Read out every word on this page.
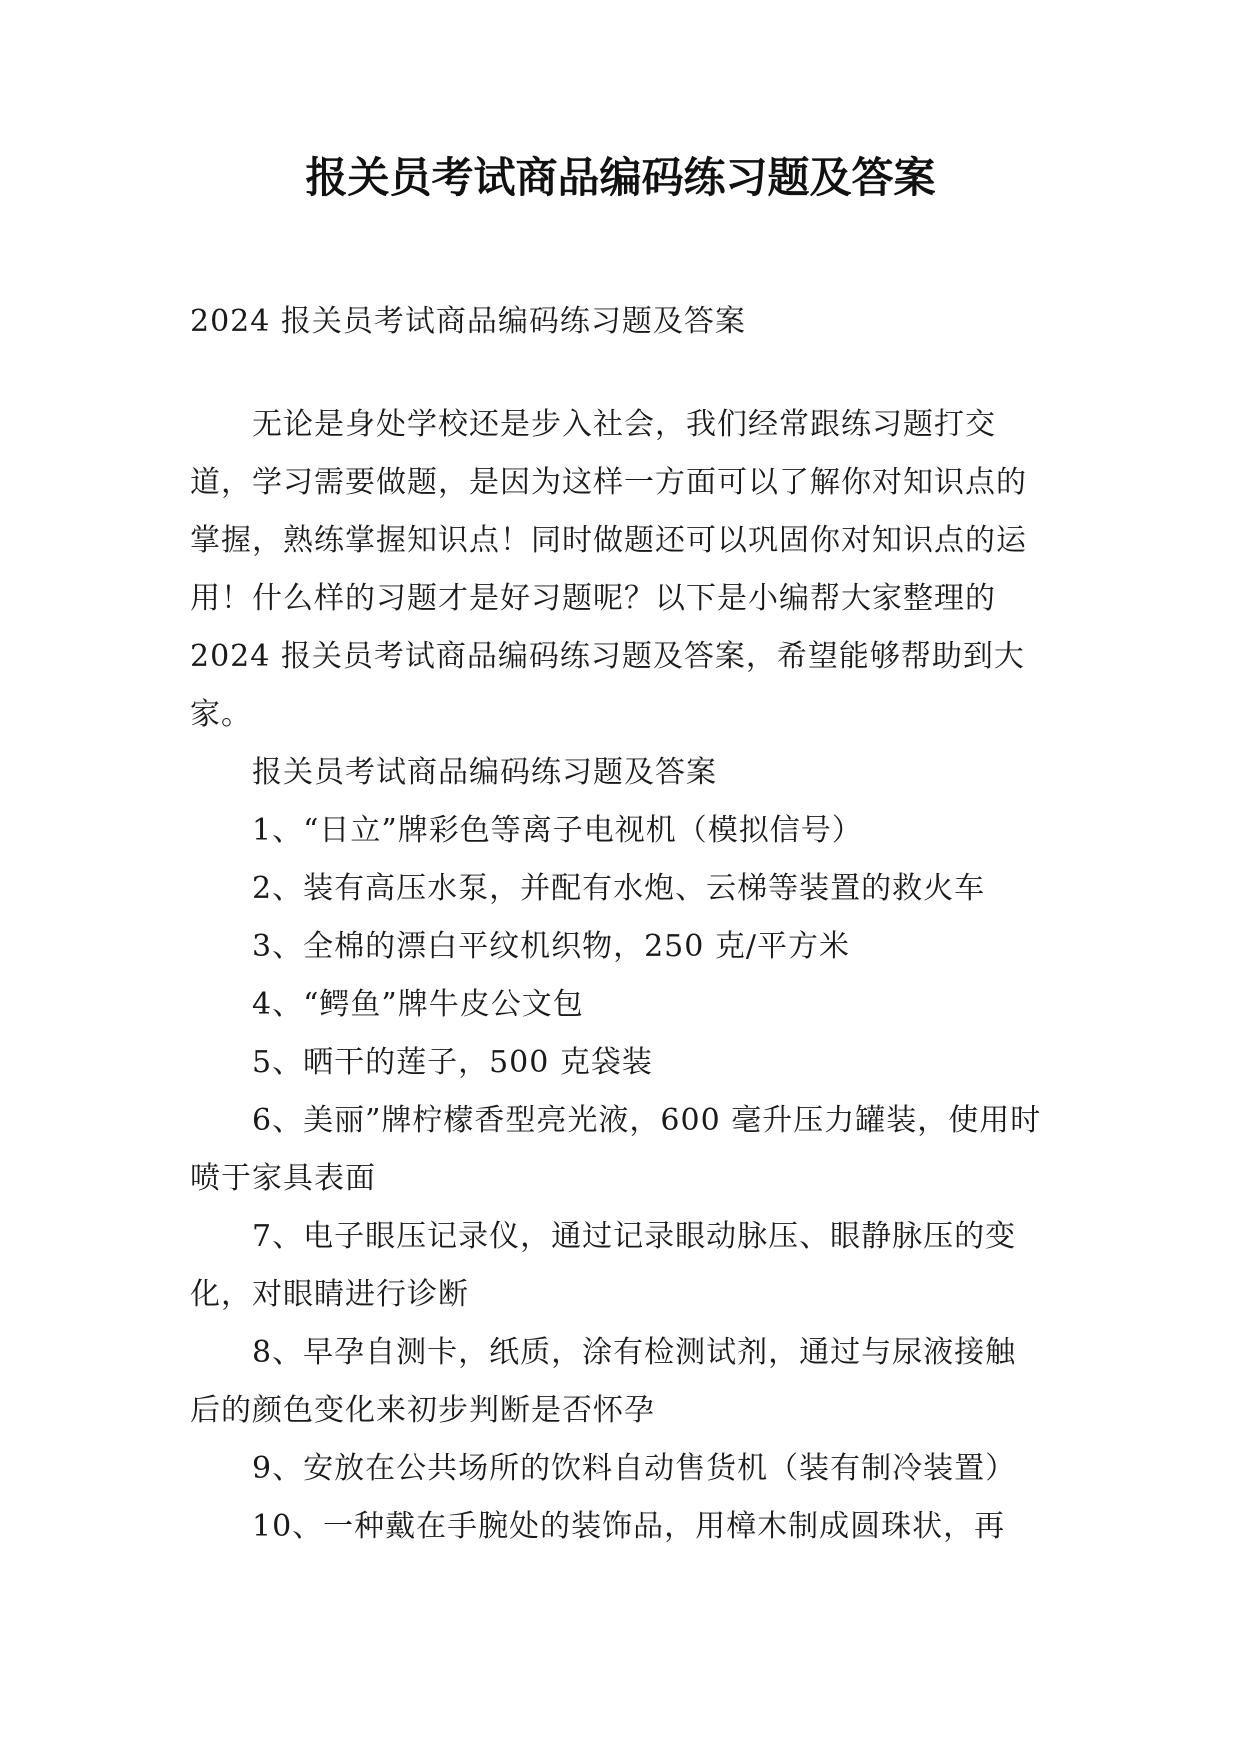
报关员考试商品编码练习题及答案

2024 报关员考试商品编码练习题及答案

无论是身处学校还是步入社会，我们经常跟练习题打交道，学习需要做题，是因为这样一方面可以了解你对知识点的掌握，熟练掌握知识点！同时做题还可以巩固你对知识点的运用！什么样的习题才是好习题呢？以下是小编帮大家整理的 2024 报关员考试商品编码练习题及答案，希望能够帮助到大家。

报关员考试商品编码练习题及答案

1、“日立”牌彩色等离子电视机（模拟信号）

2、装有高压水泵，并配有水炮、云梯等装置的救火车

3、全棉的漂白平纹机织物，250 克/平方米

4、“鳄鱼”牌牛皮公文包

5、晒干的莲子，500 克袋装

6、美丽”牌柠檬香型亮光液，600 毫升压力罐装，使用时喷于家具表面

7、电子眼压记录仪，通过记录眼动脉压、眼静脉压的变化，对眼睛进行诊断

8、早孕自测卡，纸质，涂有检测试剂，通过与尿液接触后的颜色变化来初步判断是否怀孕

9、安放在公共场所的饮料自动售货机（装有制冷装置）

10、一种戴在手腕处的装饰品，用樟木制成圆珠状，再
